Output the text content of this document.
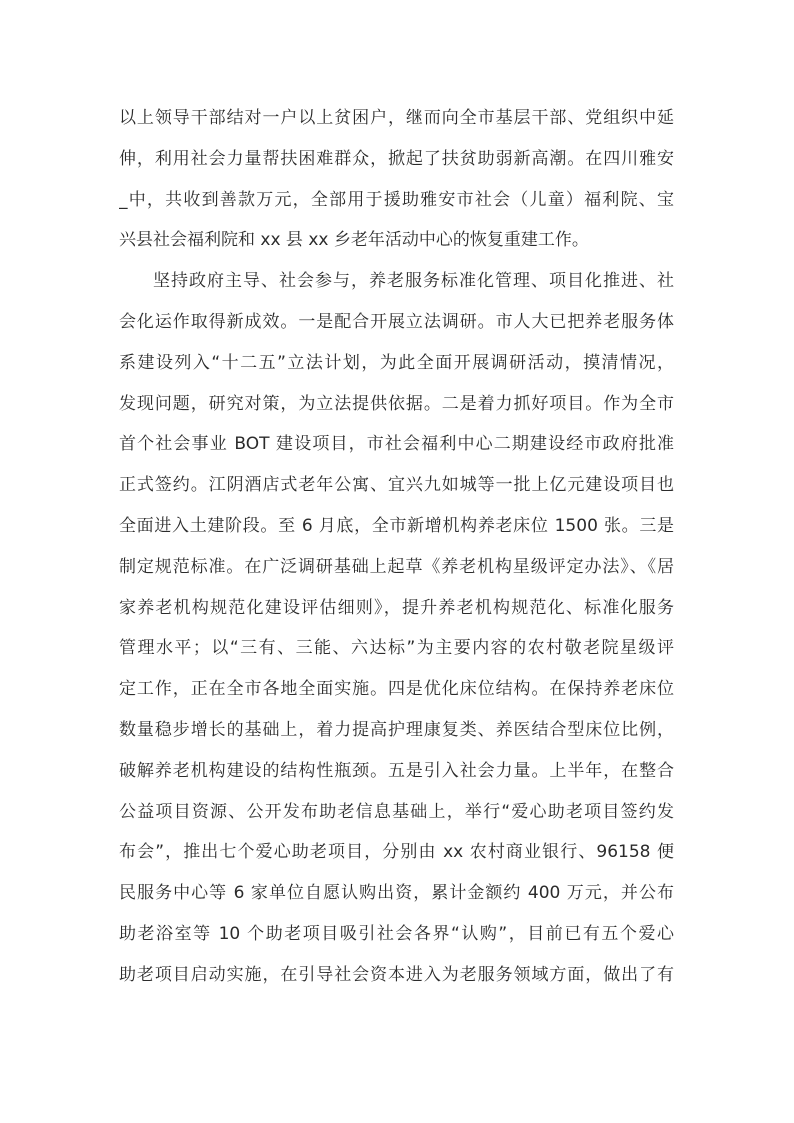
以上领导干部结对一户以上贫困户，继而向全市基层干部、党组织中延
伸，利用社会力量帮扶困难群众，掀起了扶贫助弱新高潮。在四川雅安
_中，共收到善款万元，全部用于援助雅安市社会（儿童）福利院、宝
兴县社会福利院和 xx 县 xx 乡老年活动中心的恢复重建工作。
坚持政府主导、社会参与，养老服务标准化管理、项目化推进、社
会化运作取得新成效。一是配合开展立法调研。市人大已把养老服务体
系建设列入“十二五”立法计划，为此全面开展调研活动，摸清情况，
发现问题，研究对策，为立法提供依据。二是着力抓好项目。作为全市
首个社会事业 BOT 建设项目，市社会福利中心二期建设经市政府批准
正式签约。江阴酒店式老年公寓、宜兴九如城等一批上亿元建设项目也
全面进入土建阶段。至 6 月底，全市新增机构养老床位 1500 张。三是
制定规范标准。在广泛调研基础上起草《养老机构星级评定办法》、《居
家养老机构规范化建设评估细则》，提升养老机构规范化、标准化服务
管理水平；以“三有、三能、六达标”为主要内容的农村敬老院星级评
定工作，正在全市各地全面实施。四是优化床位结构。在保持养老床位
数量稳步增长的基础上，着力提高护理康复类、养医结合型床位比例，
破解养老机构建设的结构性瓶颈。五是引入社会力量。上半年，在整合
公益项目资源、公开发布助老信息基础上，举行“爱心助老项目签约发
布会”，推出七个爱心助老项目，分别由 xx 农村商业银行、96158 便
民服务中心等 6 家单位自愿认购出资，累计金额约 400 万元，并公布
助老浴室等 10 个助老项目吸引社会各界“认购”，目前已有五个爱心
助老项目启动实施，在引导社会资本进入为老服务领域方面，做出了有
